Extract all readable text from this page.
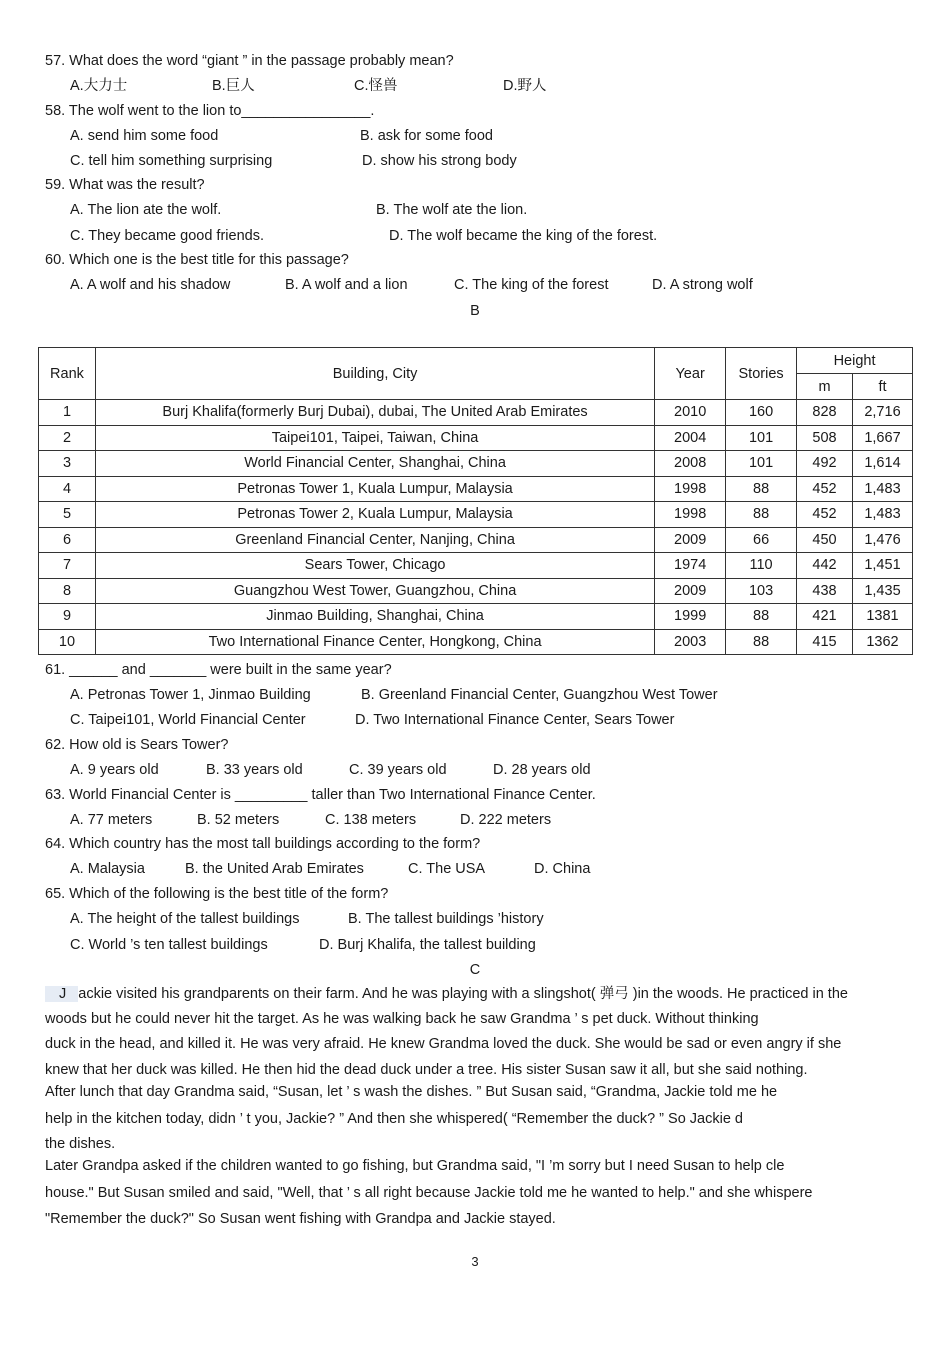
57. What does the word “giant ” in the passage probably mean?
A.大力士	B.巨人	C.怪兽	D.野人
58. The wolf went to the lion to________________.
A. send him some food	B. ask for some food
C. tell him something surprising	D. show his strong body
59. What was the result?
A. The lion ate the wolf.	B. The wolf ate the lion.
C. They became good friends.	D. The wolf became the king of the forest.
60. Which one is the best title for this passage?
A. A wolf and his shadow	B. A wolf and a lion	C. The king of the forest	D. A strong wolf
B
Rank	Building, City	Year	Stories	Height	
				m	ft
1	Burj Khalifa(formerly Burj Dubai), dubai, The United Arab Emirates	2010	160	828	2,716
2	Taipei101, Taipei, Taiwan, China	2004	101	508	1,667
3	World Financial Center, Shanghai, China	2008	101	492	1,614
4	Petronas Tower 1, Kuala Lumpur, Malaysia	1998	88	452	1,483
5	Petronas Tower 2, Kuala Lumpur, Malaysia	1998	88	452	1,483
6	Greenland Financial Center, Nanjing, China	2009	66	450	1,476
7	Sears Tower, Chicago	1974	110	442	1,451
8	Guangzhou West Tower, Guangzhou, China	2009	103	438	1,435
9	Jinmao Building, Shanghai, China	1999	88	421	1381
10	Two International Finance Center, Hongkong, China	2003	88	415	1362
61. ______ and _______ were built in the same year?
A. Petronas Tower 1, Jinmao Building	B. Greenland Financial Center, Guangzhou West Tower
C. Taipei101, World Financial Center	D. Two International Finance Center, Sears Tower
62. How old is Sears Tower?
A. 9 years old	B. 33 years old	C. 39 years old	D. 28 years old
63. World Financial Center is _________ taller than Two International Finance Center.
A. 77 meters	B. 52 meters	C. 138 meters	D. 222 meters
64. Which country has the most tall buildings according to the form?
A. Malaysia	B. the United Arab Emirates	C. The USA	D. China
65. Which of the following is the best title of the form?
A. The height of the tallest buildings	B. The tallest buildings ’history
C. World ’s ten tallest buildings	D. Burj Khalifa, the tallest building
C
J ackie visited his grandparents on their farm. And he was playing with a slingshot( 弹弓 )in the woods. He practiced in the
woods but he could never hit the target. As he was walking back he saw Grandma ’ s pet duck. Without thinking
duck in the head, and killed it. He was very afraid. He knew Grandma loved the duck. She would be sad or even angry if she
knew that her duck was killed. He then hid the dead duck under a tree. His sister Susan saw it all, but she said nothing.
After lunch that day Grandma said, “Susan, let ’ s wash the dishes. ” But Susan said, “Grandma, Jackie told me he
help in the kitchen today, didn ’ t you, Jackie? ” And then she whispered( “Remember the duck? ” So Jackie d
the dishes.
Later Grandpa asked if the children wanted to go fishing, but Grandma said, "I ’m sorry but I need Susan to help cle
house." But Susan smiled and said, "Well, that ’ s all right because Jackie told me he wanted to help." and she whispere
"Remember the duck?" So Susan went fishing with Grandpa and Jackie stayed.
3
